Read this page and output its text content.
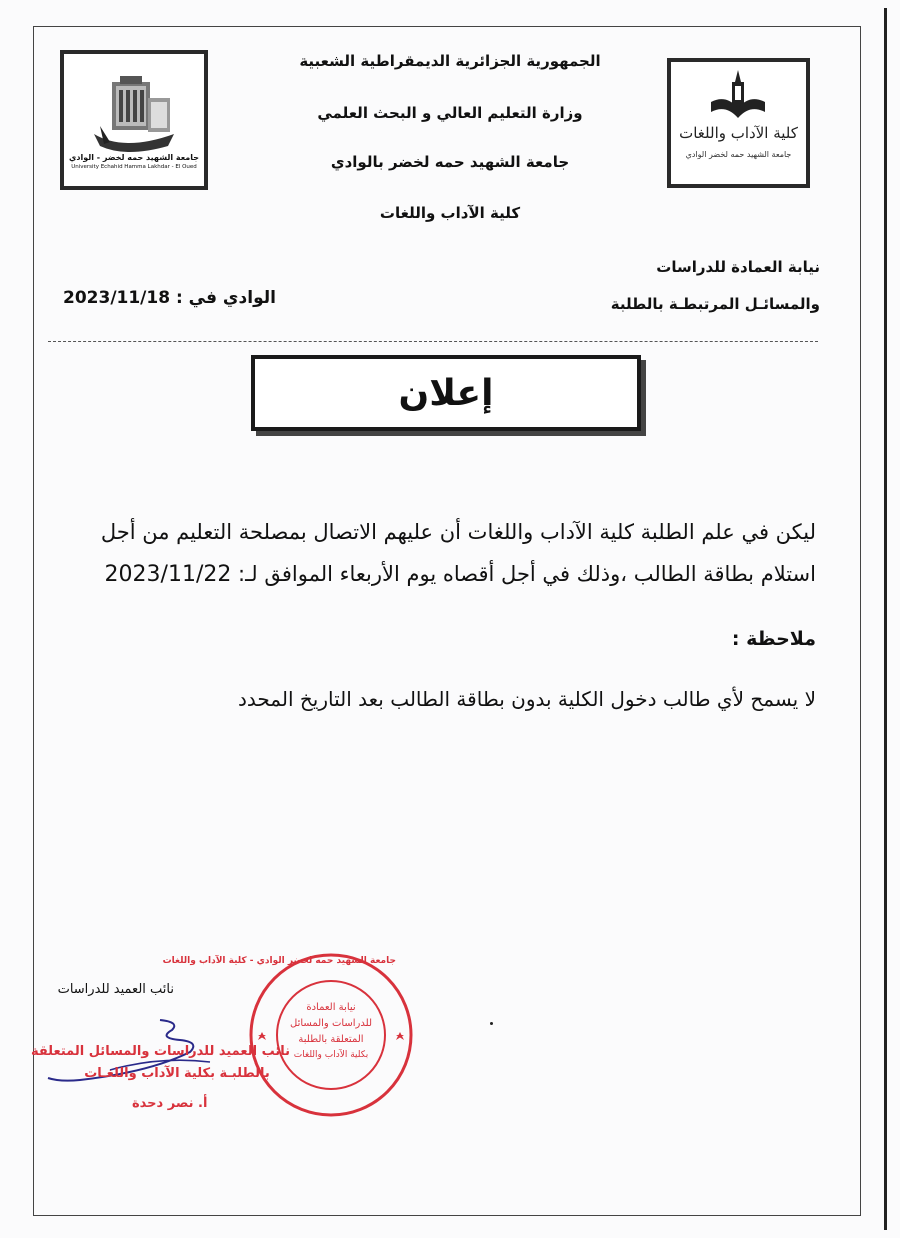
جامعة الشهيد حمه لخضر - الوادي
University Echahid Hamma Lakhdar - El Oued
كلية الآداب واللغات
جامعة الشهيد حمه لخضر الوادي
الجمهورية الجزائرية الديمقراطية الشعبية
وزارة التعليم العالي و البحث العلمي
جامعة الشهيد حمه لخضر بالوادي
كلية الآداب واللغات
نيابة العمادة للدراسات
والمسائـل المرتبطـة بالطلبة
الوادي في : 2023/11/18
إعلان
ليكن في علم الطلبة كلية الآداب واللغات أن عليهم الاتصال بمصلحة التعليم من أجل
استلام بطاقة الطالب ،وذلك في أجل أقصاه يوم الأربعاء الموافق لـ: 2023/11/22
ملاحظة :
لا يسمح لأي طالب دخول الكلية بدون بطاقة الطالب بعد التاريخ المحدد
نائب العميد للدراسات
نائب العميد للدراسات والمسائل المتعلقة
بالطلبـة بكلية الآداب واللغـات
أ. نصر دحدة
جامعة الشهيد حمه لخضر الوادي - كلية الآداب واللغات
نيابة العمادة
للدراسات والمسائل
المتعلقة بالطلبة
بكلية الآداب واللغات
